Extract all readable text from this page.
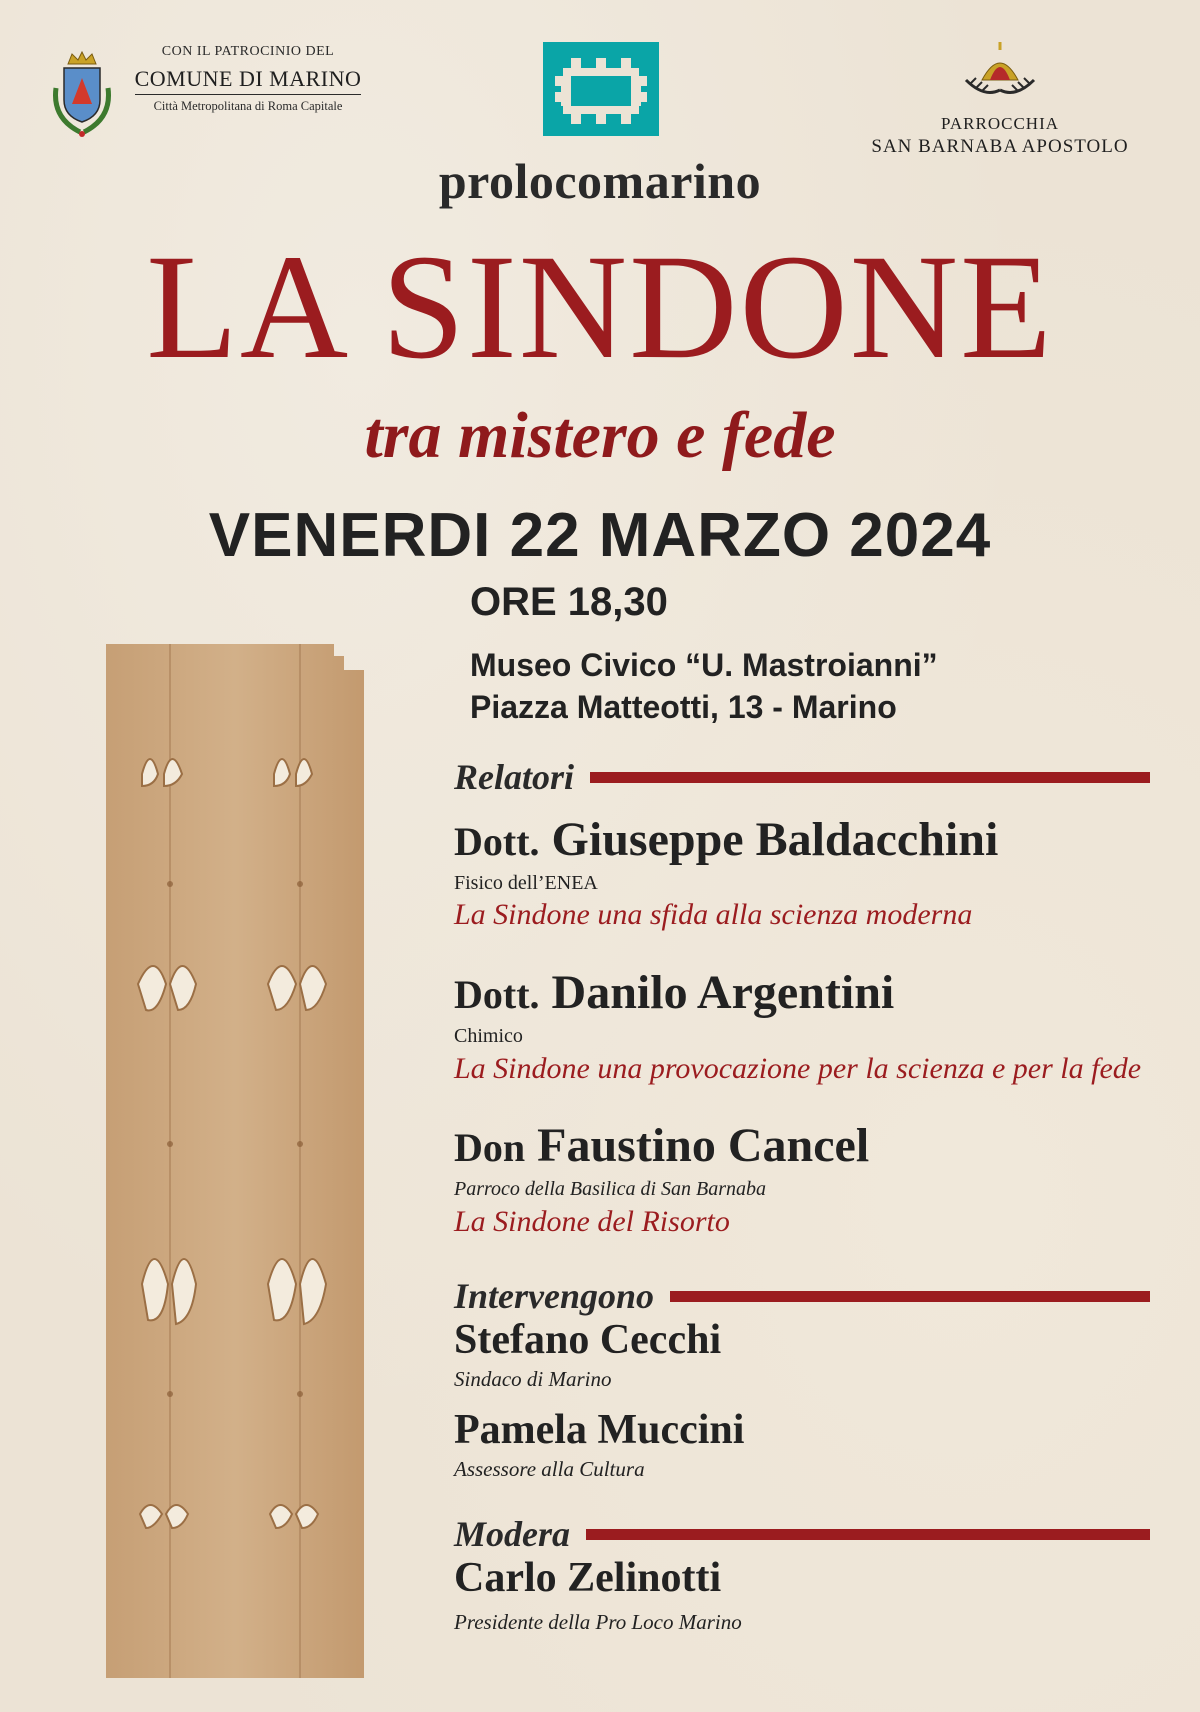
CON IL PATROCINIO DEL
COMUNE DI MARINO
Città Metropolitana di Roma Capitale
PARROCCHIA
SAN BARNABA APOSTOLO
prolocomarino
LA SINDONE
tra mistero e fede
VENERDI 22 MARZO 2024
ORE 18,30
Museo Civico “U. Mastroianni”
Piazza Matteotti, 13 - Marino
Relatori
Dott. Giuseppe Baldacchini
Fisico dell’ENEA
La Sindone una sfida alla scienza moderna
Dott. Danilo Argentini
Chimico
La Sindone una provocazione per la scienza e per la fede
Don Faustino Cancel
Parroco della Basilica di San Barnaba
La Sindone del Risorto
Intervengono
Stefano Cecchi
Sindaco di Marino
Pamela Muccini
Assessore alla Cultura
Modera
Carlo Zelinotti
Presidente della Pro Loco Marino
